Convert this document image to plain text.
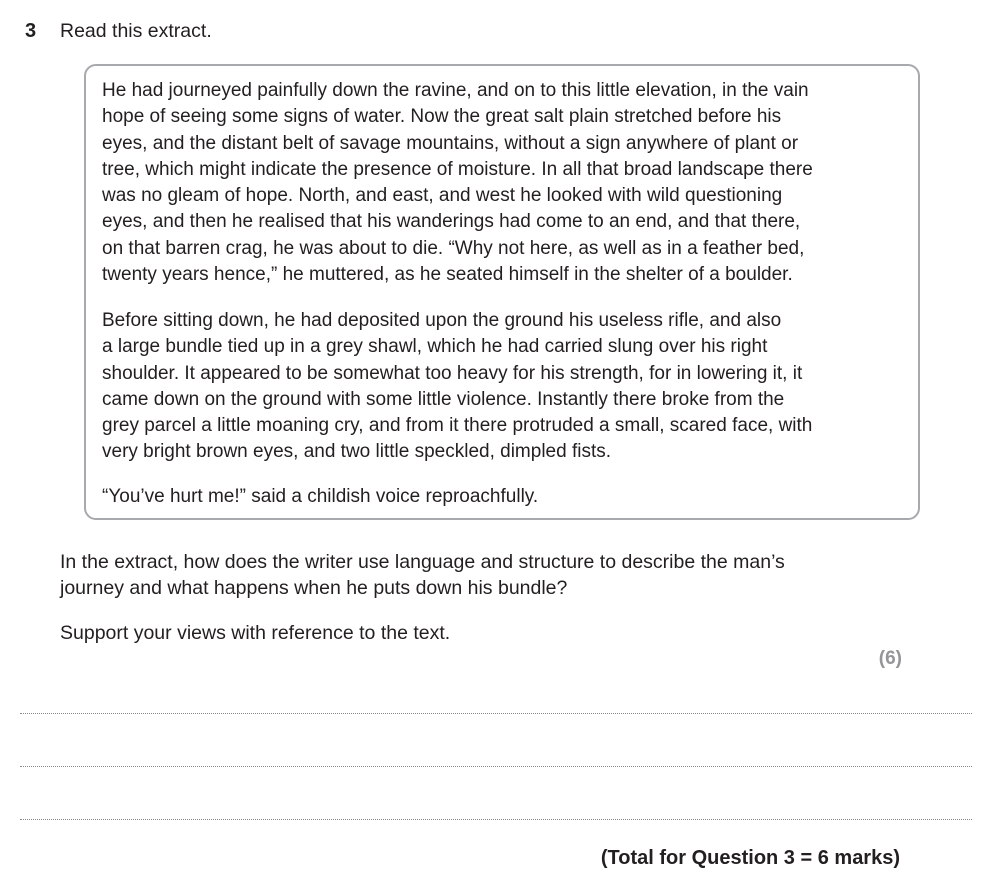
3 Read this extract.
He had journeyed painfully down the ravine, and on to this little elevation, in the vain
hope of seeing some signs of water. Now the great salt plain stretched before his
eyes, and the distant belt of savage mountains, without a sign anywhere of plant or
tree, which might indicate the presence of moisture. In all that broad landscape there
was no gleam of hope. North, and east, and west he looked with wild questioning
eyes, and then he realised that his wanderings had come to an end, and that there,
on that barren crag, he was about to die. “Why not here, as well as in a feather bed,
twenty years hence,” he muttered, as he seated himself in the shelter of a boulder.
Before sitting down, he had deposited upon the ground his useless rifle, and also
a large bundle tied up in a grey shawl, which he had carried slung over his right
shoulder. It appeared to be somewhat too heavy for his strength, for in lowering it, it
came down on the ground with some little violence. Instantly there broke from the
grey parcel a little moaning cry, and from it there protruded a small, scared face, with
very bright brown eyes, and two little speckled, dimpled fists.
“You’ve hurt me!” said a childish voice reproachfully.
In the extract, how does the writer use language and structure to describe the man’s
journey and what happens when he puts down his bundle?
Support your views with reference to the text.
(6)
(Total for Question 3 = 6 marks)
